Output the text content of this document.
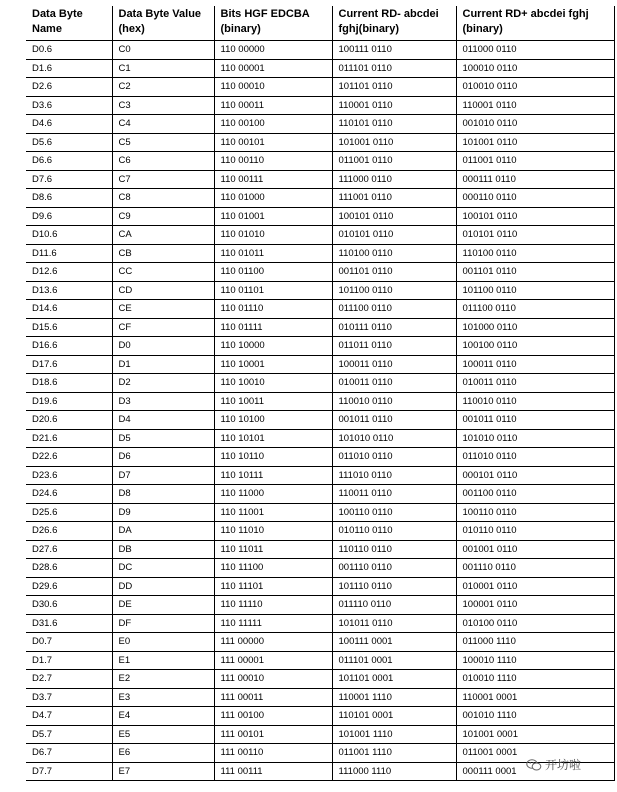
Data Byte Name	Data Byte Value (hex)	Bits HGF EDCBA (binary)	Current RD- abcdei fghj(binary)	Current RD+ abcdei fghj (binary)
D0.6	C0	110 00000	100111 0110	011000 0110
D1.6	C1	110 00001	011101 0110	100010 0110
D2.6	C2	110 00010	101101 0110	010010 0110
D3.6	C3	110 00011	110001 0110	110001 0110
D4.6	C4	110 00100	110101 0110	001010 0110
D5.6	C5	110 00101	101001 0110	101001 0110
D6.6	C6	110 00110	011001 0110	011001 0110
D7.6	C7	110 00111	111000 0110	000111 0110
D8.6	C8	110 01000	111001 0110	000110 0110
D9.6	C9	110 01001	100101 0110	100101 0110
D10.6	CA	110 01010	010101 0110	010101 0110
D11.6	CB	110 01011	110100 0110	110100 0110
D12.6	CC	110 01100	001101 0110	001101 0110
D13.6	CD	110 01101	101100 0110	101100 0110
D14.6	CE	110 01110	011100 0110	011100 0110
D15.6	CF	110 01111	010111 0110	101000 0110
D16.6	D0	110 10000	011011 0110	100100 0110
D17.6	D1	110 10001	100011 0110	100011 0110
D18.6	D2	110 10010	010011 0110	010011 0110
D19.6	D3	110 10011	110010 0110	110010 0110
D20.6	D4	110 10100	001011 0110	001011 0110
D21.6	D5	110 10101	101010 0110	101010 0110
D22.6	D6	110 10110	011010 0110	011010 0110
D23.6	D7	110 10111	111010 0110	000101 0110
D24.6	D8	110 11000	110011 0110	001100 0110
D25.6	D9	110 11001	100110 0110	100110 0110
D26.6	DA	110 11010	010110 0110	010110 0110
D27.6	DB	110 11011	110110 0110	001001 0110
D28.6	DC	110 11100	001110 0110	001110 0110
D29.6	DD	110 11101	101110 0110	010001 0110
D30.6	DE	110 11110	011110 0110	100001 0110
D31.6	DF	110 11111	101011 0110	010100 0110
D0.7	E0	111 00000	100111 0001	011000 1110
D1.7	E1	111 00001	011101 0001	100010 1110
D2.7	E2	111 00010	101101 0001	010010 1110
D3.7	E3	111 00011	110001 1110	110001 0001
D4.7	E4	111 00100	110101 0001	001010 1110
D5.7	E5	111 00101	101001 1110	101001 0001
D6.7	E6	111 00110	011001 1110	011001 0001
D7.7	E7	111 00111	111000 1110	000111 0001 开坊啦
